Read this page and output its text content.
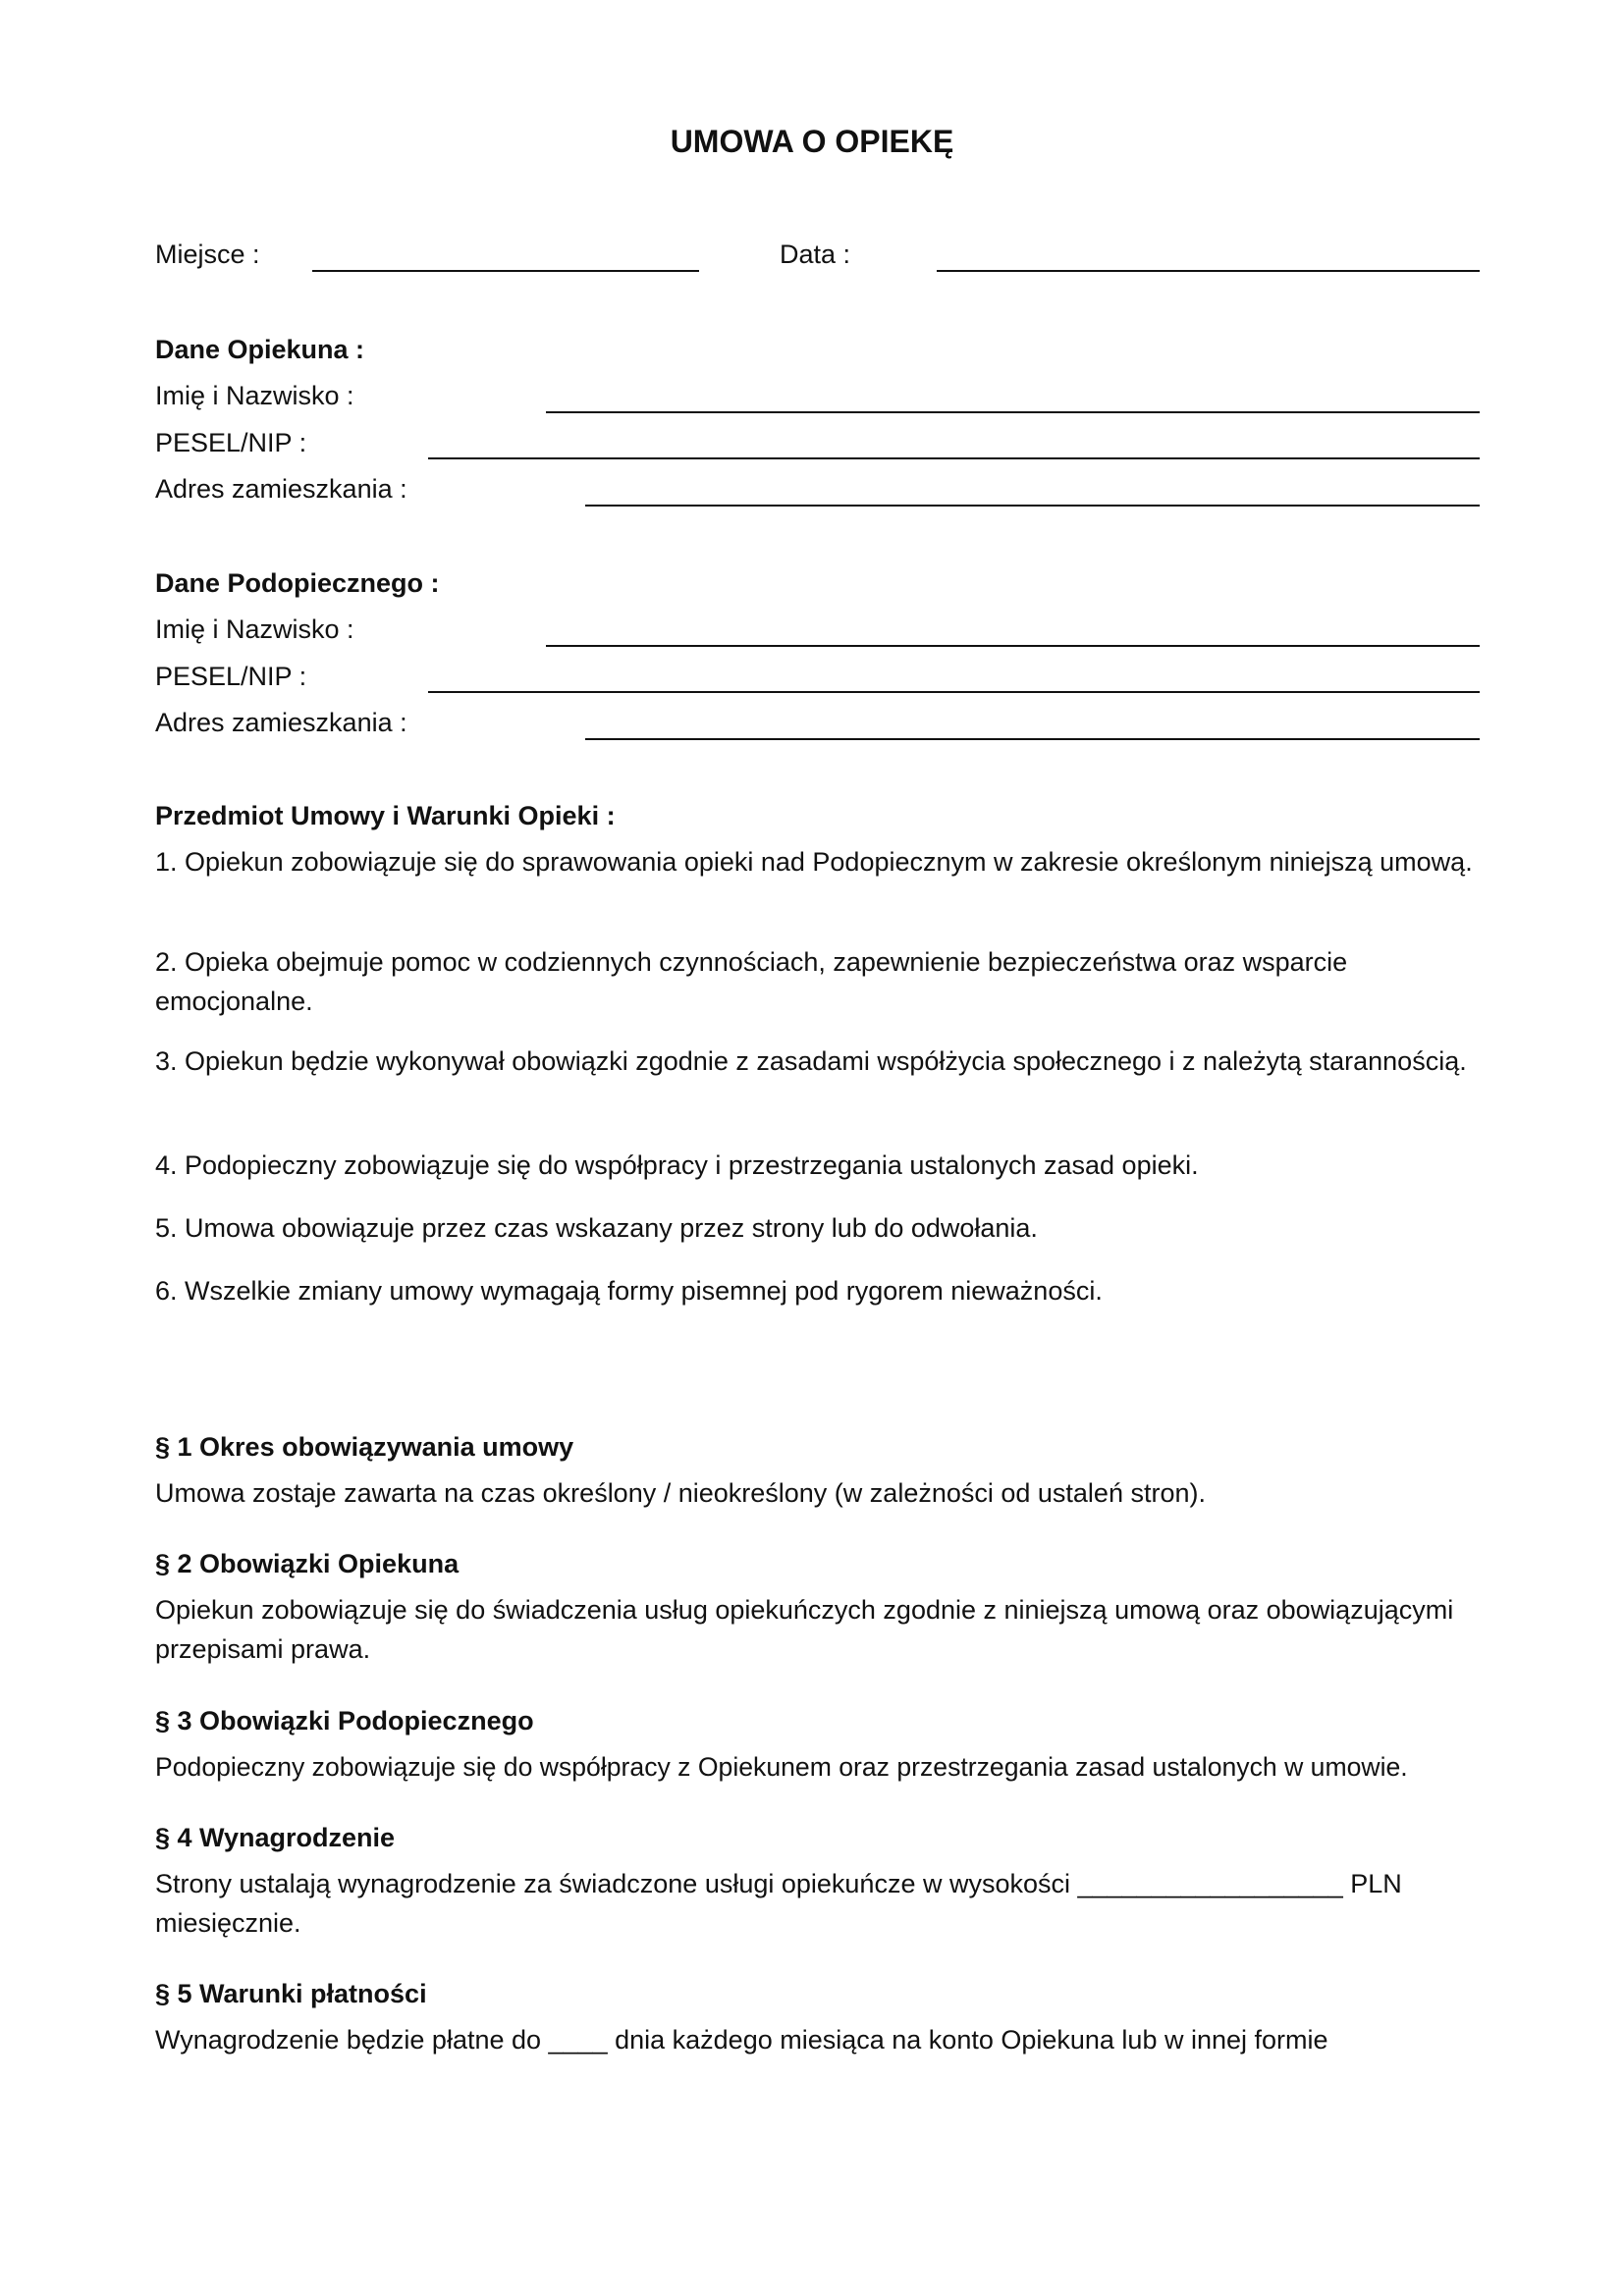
UMOWA O OPIEKĘ
Miejsce :	Data :
Dane Opiekuna :
Imię i Nazwisko :
PESEL/NIP :
Adres zamieszkania :
Dane Podopiecznego :
Imię i Nazwisko :
PESEL/NIP :
Adres zamieszkania :
Przedmiot Umowy i Warunki Opieki :
1. Opiekun zobowiązuje się do sprawowania opieki nad Podopiecznym w zakresie określonym niniejszą umową.
2. Opieka obejmuje pomoc w codziennych czynnościach, zapewnienie bezpieczeństwa oraz wsparcie emocjonalne.
3. Opiekun będzie wykonywał obowiązki zgodnie z zasadami współżycia społecznego i z należytą starannością.
4. Podopieczny zobowiązuje się do współpracy i przestrzegania ustalonych zasad opieki.
5. Umowa obowiązuje przez czas wskazany przez strony lub do odwołania.
6. Wszelkie zmiany umowy wymagają formy pisemnej pod rygorem nieważności.
§ 1 Okres obowiązywania umowy
Umowa zostaje zawarta na czas określony / nieokreślony (w zależności od ustaleń stron).
§ 2 Obowiązki Opiekuna
Opiekun zobowiązuje się do świadczenia usług opiekuńczych zgodnie z niniejszą umową oraz obowiązującymi przepisami prawa.
§ 3 Obowiązki Podopiecznego
Podopieczny zobowiązuje się do współpracy z Opiekunem oraz przestrzegania zasad ustalonych w umowie.
§ 4 Wynagrodzenie
Strony ustalają wynagrodzenie za świadczone usługi opiekuńcze w wysokości __________________ PLN miesięcznie.
§ 5 Warunki płatności
Wynagrodzenie będzie płatne do ____ dnia każdego miesiąca na konto Opiekuna lub w innej formie
